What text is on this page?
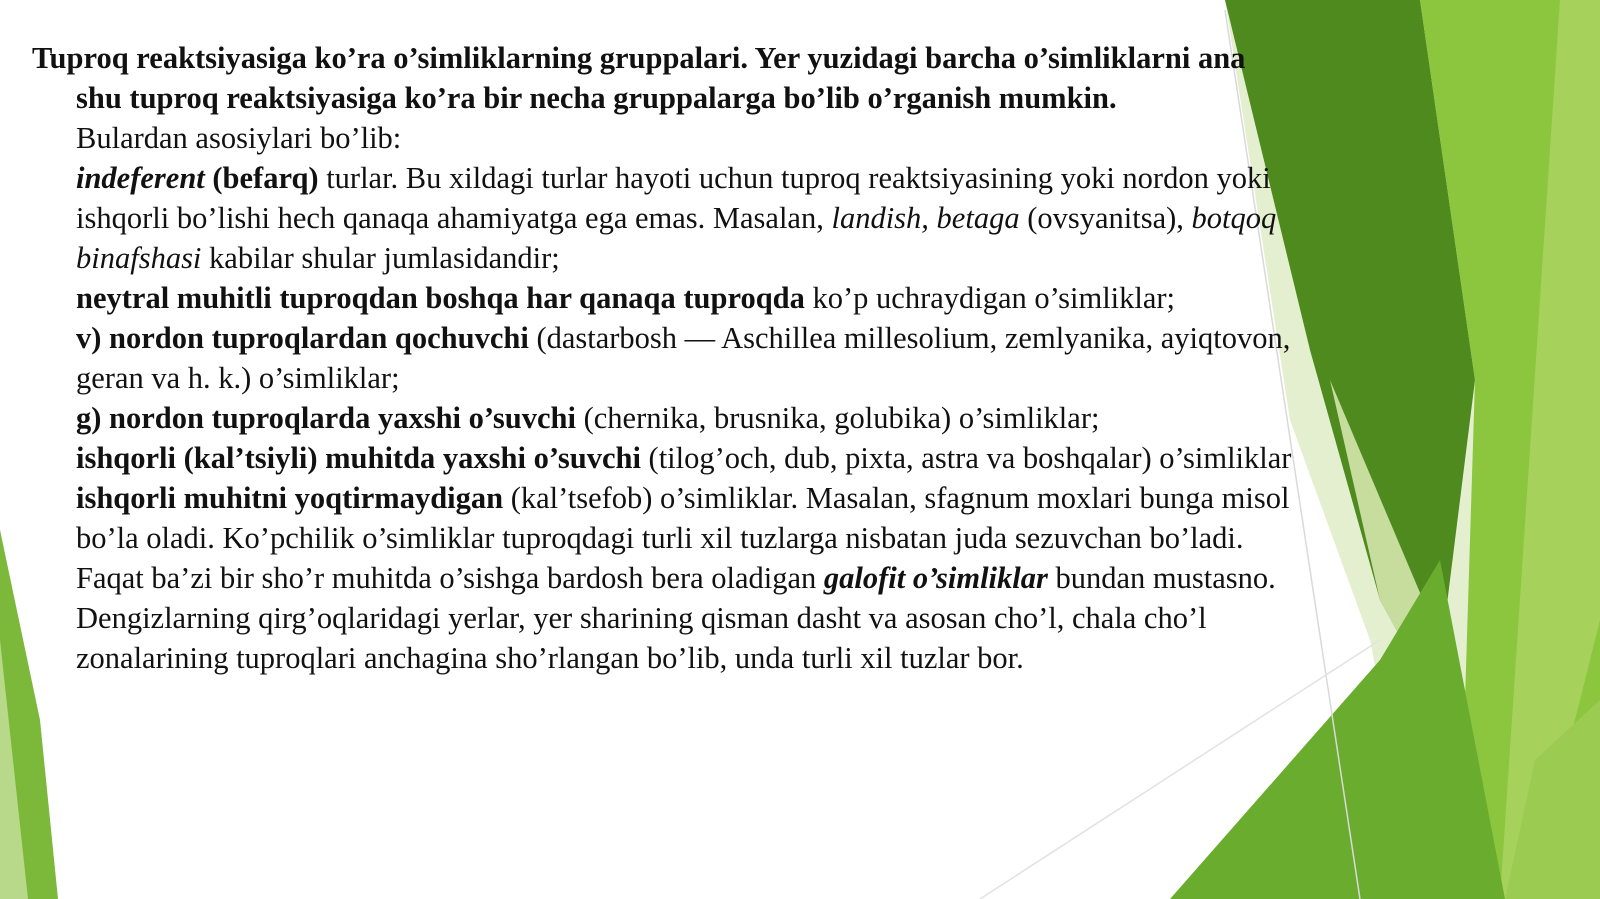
Tuproq reaktsiyasiga ko’ra o’simliklarning gruppalari. Yer yuzidagi barcha o’simliklarni ana shu tuproq reaktsiyasiga ko’ra bir necha gruppalarga bo’lib o’rganish mumkin.

Bulardan asosiylari bo’lib:

indeferent (befarq) turlar. Bu xildagi turlar hayoti uchun tuproq reaktsiyasining yoki nordon yoki ishqorli bo’lishi hech qanaqa ahamiyatga ega emas. Masalan, landish, betaga (ovsyanitsa), botqoq binafshasi kabilar shular jumlasidandir;

neytral muhitli tuproqdan boshqa har qanaqa tuproqda ko’p uchraydigan o’simliklar;

v) nordon tuproqlardan qochuvchi (dastarbosh — Aschillea millesolium, zemlyanika, ayiqtovon, geran va h. k.) o’simliklar;

g) nordon tuproqlarda yaxshi o’suvchi (chernika, brusnika, golubika) o’simliklar;

ishqorli (kal’tsiyli) muhitda yaxshi o’suvchi (tilog’och, dub, pixta, astra va boshqalar) o’simliklar

ishqorli muhitni yoqtirmaydigan (kal’tsefob) o’simliklar. Masalan, sfagnum moxlari bunga misol bo’la oladi. Ko’pchilik o’simliklar tuproqdagi turli xil tuzlarga nisbatan juda sezuvchan bo’ladi. Faqat ba’zi bir sho’r muhitda o’sishga bardosh bera oladigan galofit o’simliklar bundan mustasno. Dengizlarning qirg’oqlaridagi yerlar, yer sharining qisman dasht va asosan cho’l, chala cho’l zonalarining tuproqlari anchagina sho’rlangan bo’lib, unda turli xil tuzlar bor.
